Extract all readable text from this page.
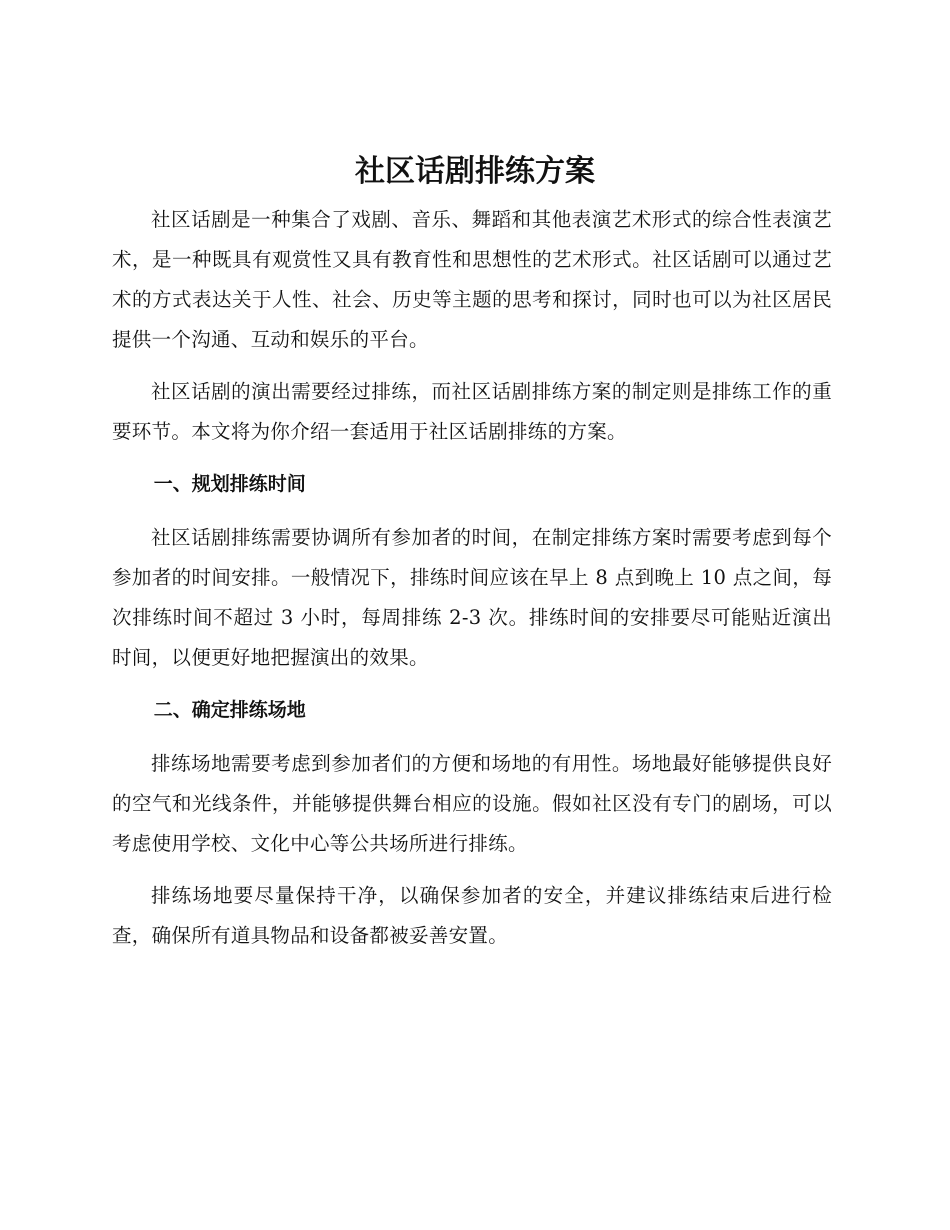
社区话剧排练方案

社区话剧是一种集合了戏剧、音乐、舞蹈和其他表演艺术形式的综合性表演艺术，是一种既具有观赏性又具有教育性和思想性的艺术形式。社区话剧可以通过艺术的方式表达关于人性、社会、历史等主题的思考和探讨，同时也可以为社区居民提供一个沟通、互动和娱乐的平台。

社区话剧的演出需要经过排练，而社区话剧排练方案的制定则是排练工作的重要环节。本文将为你介绍一套适用于社区话剧排练的方案。

一、规划排练时间

社区话剧排练需要协调所有参加者的时间，在制定排练方案时需要考虑到每个参加者的时间安排。一般情况下，排练时间应该在早上 8 点到晚上 10 点之间，每次排练时间不超过 3 小时，每周排练 2-3 次。排练时间的安排要尽可能贴近演出时间，以便更好地把握演出的效果。

二、确定排练场地

排练场地需要考虑到参加者们的方便和场地的有用性。场地最好能够提供良好的空气和光线条件，并能够提供舞台相应的设施。假如社区没有专门的剧场，可以考虑使用学校、文化中心等公共场所进行排练。

排练场地要尽量保持干净，以确保参加者的安全，并建议排练结束后进行检查，确保所有道具物品和设备都被妥善安置。
